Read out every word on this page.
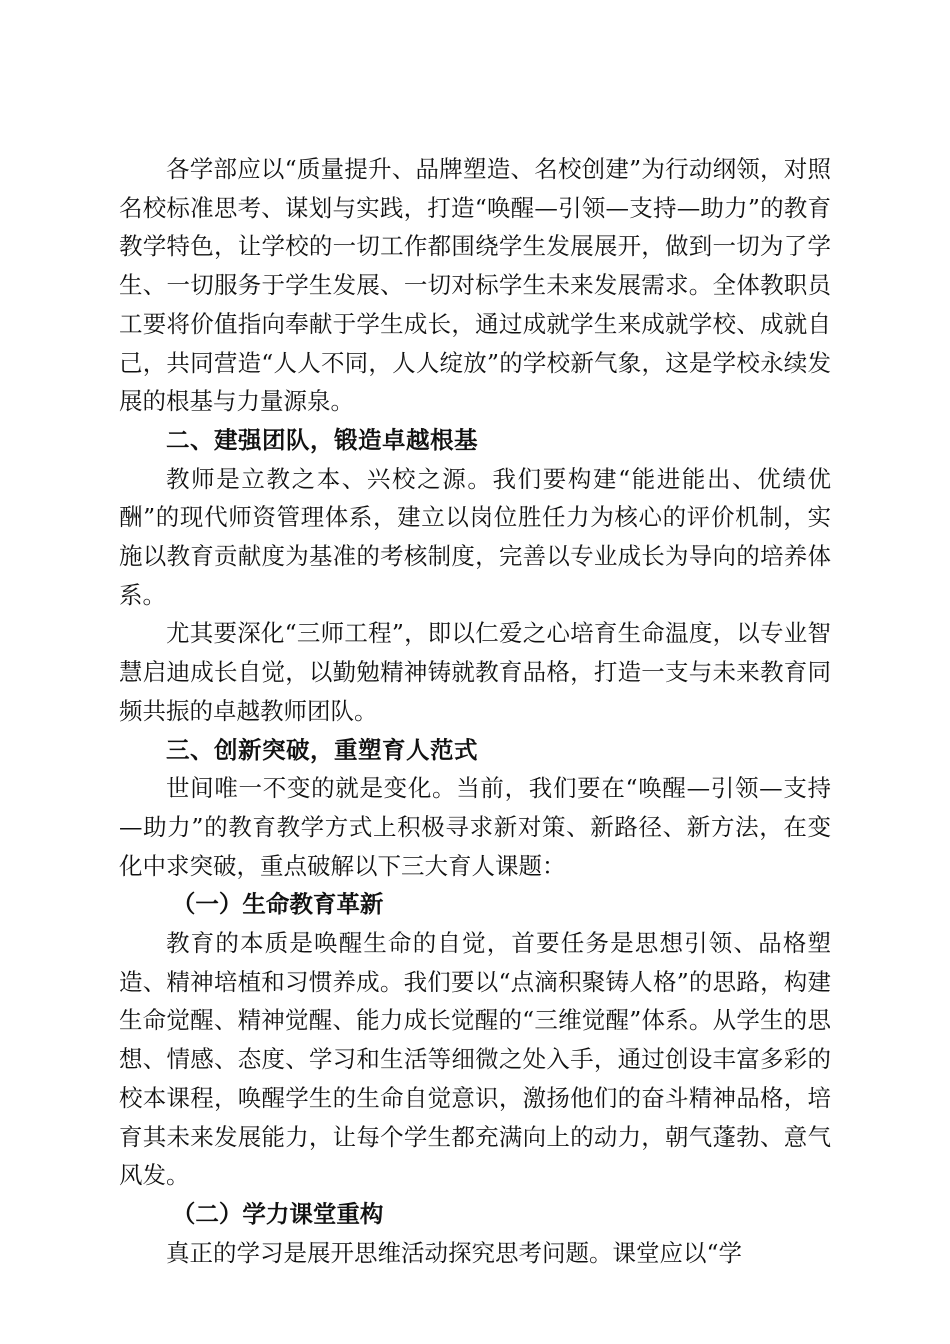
各学部应以“质量提升、品牌塑造、名校创建”为行动纲领，对照名校标准思考、谋划与实践，打造“唤醒—引领—支持—助力”的教育教学特色，让学校的一切工作都围绕学生发展展开，做到一切为了学生、一切服务于学生发展、一切对标学生未来发展需求。全体教职员工要将价值指向奉献于学生成长，通过成就学生来成就学校、成就自己，共同营造“人人不同，人人绽放”的学校新气象，这是学校永续发展的根基与力量源泉。

二、建强团队，锻造卓越根基

教师是立教之本、兴校之源。我们要构建“能进能出、优绩优酬”的现代师资管理体系，建立以岗位胜任力为核心的评价机制，实施以教育贡献度为基准的考核制度，完善以专业成长为导向的培养体系。

尤其要深化“三师工程”，即以仁爱之心培育生命温度，以专业智慧启迪成长自觉，以勤勉精神铸就教育品格，打造一支与未来教育同频共振的卓越教师团队。

三、创新突破，重塑育人范式

世间唯一不变的就是变化。当前，我们要在“唤醒—引领—支持—助力”的教育教学方式上积极寻求新对策、新路径、新方法，在变化中求突破，重点破解以下三大育人课题：

（一）生命教育革新

教育的本质是唤醒生命的自觉，首要任务是思想引领、品格塑造、精神培植和习惯养成。我们要以“点滴积聚铸人格”的思路，构建生命觉醒、精神觉醒、能力成长觉醒的“三维觉醒”体系。从学生的思想、情感、态度、学习和生活等细微之处入手，通过创设丰富多彩的校本课程，唤醒学生的生命自觉意识，激扬他们的奋斗精神品格，培育其未来发展能力，让每个学生都充满向上的动力，朝气蓬勃、意气风发。

（二）学力课堂重构

真正的学习是展开思维活动探究思考问题。课堂应以“学
